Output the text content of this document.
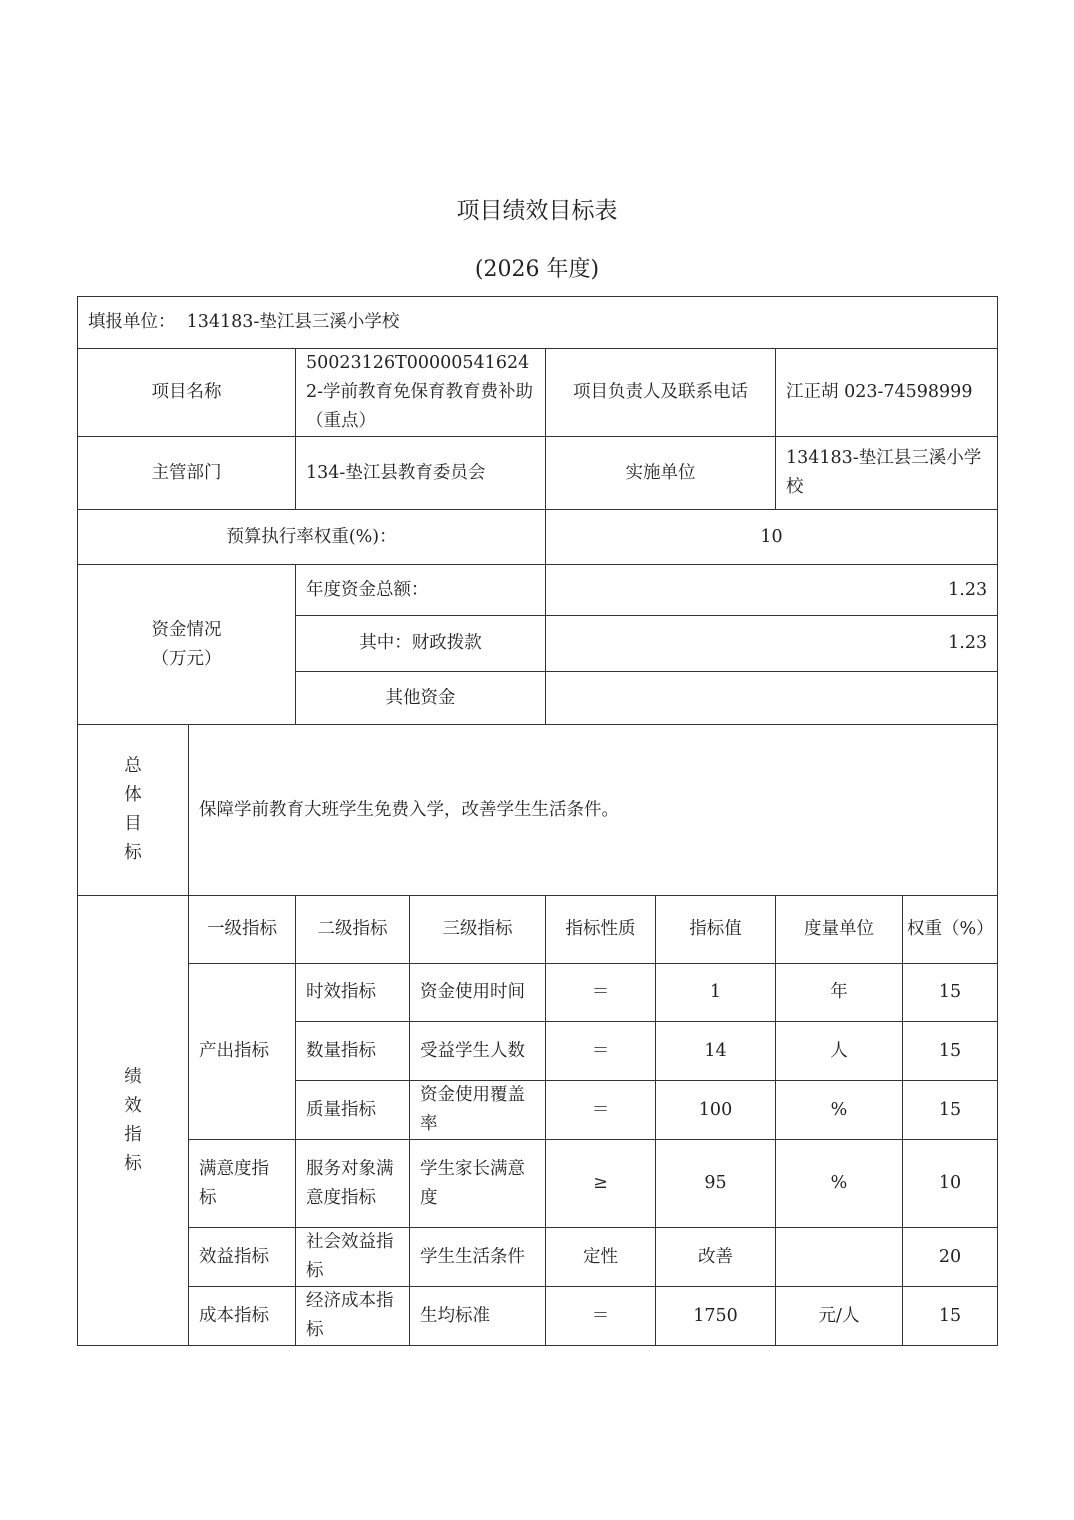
项目绩效目标表
(2026 年度)
填报单位： 134183-垫江县三溪小学校							
项目名称		50023126T000005416242-学前教育免保育教育费补助（重点）		项目负责人及联系电话		江正胡 023-74598999	
主管部门		134-垫江县教育委员会		实施单位		134183-垫江县三溪小学校	
预算执行率权重(%)：				10			

资金情况
（万元）		年度资金总额：		1.23			
		其中：财政拨款		1.23			
		其他资金					

总体目标	保障学前教育大班学生免费入学，改善学生生活条件。						

绩
效
指
标	一级指标	二级指标	三级指标	指标性质	指标值	度量单位	权重（%）
	产出指标	时效指标	资金使用时间	＝	1	年	15
		数量指标	受益学生人数	＝	14	人	15
		质量指标	资金使用覆盖率	＝	100	%	15
	满意度指标	服务对象满意度指标	学生家长满意度	≥	95	%	10
	效益指标	社会效益指标	学生生活条件	定性	改善		20
	成本指标	经济成本指标	生均标准	＝	1750	元/人	15
